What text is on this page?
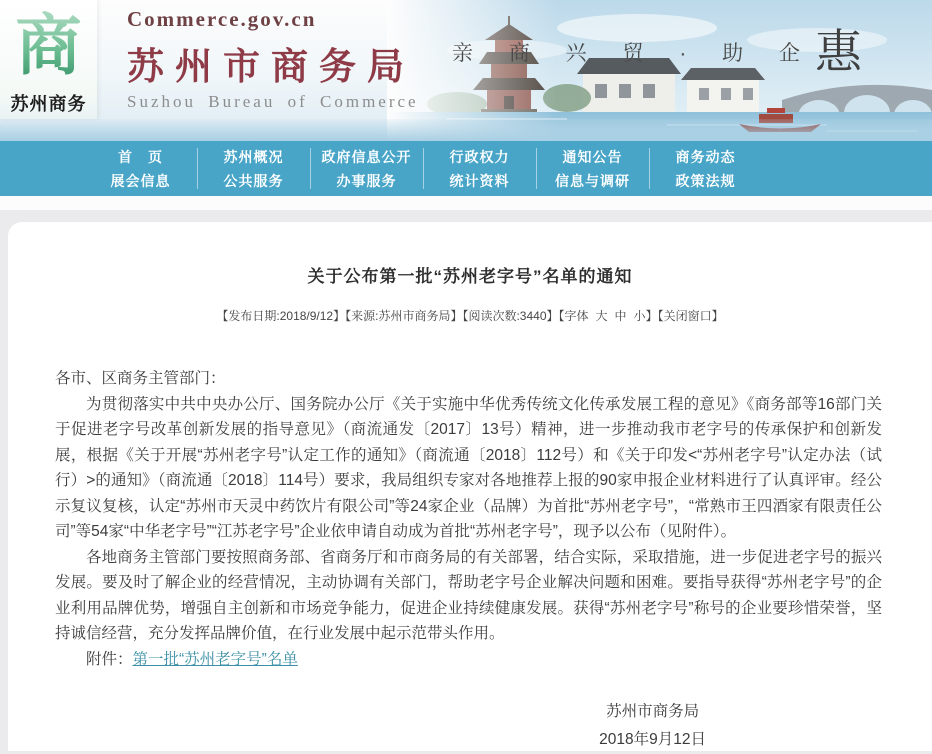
亲 商 兴 贸 · 助 企 惠
商
苏州商务
Commerce.gov.cn
苏州市商务局
Suzhou Bureau of Commerce
首　页
展会信息
苏州概况
公共服务
政府信息公开
办事服务
行政权力
统计资料
通知公告
信息与调研
商务动态
政策法规
关于公布第一批“苏州老字号”名单的通知
【发布日期:2018/9/12】【来源:苏州市商务局】【阅读次数:3440】【字体 大 中 小】【关闭窗口】

各市、区商务主管部门：

为贯彻落实中共中央办公厅、国务院办公厅《关于实施中华优秀传统文化传承发展工程的意见》《商务部等16部门关于促进老字号改革创新发展的指导意见》（商流通发〔2017〕13号）精神，进一步推动我市老字号的传承保护和创新发展，根据《关于开展“苏州老字号”认定工作的通知》（商流通〔2018〕112号）和《关于印发<“苏州老字号”认定办法（试行）>的通知》（商流通〔2018〕114号）要求，我局组织专家对各地推荐上报的90家申报企业材料进行了认真评审。经公示复议复核，认定“苏州市天灵中药饮片有限公司”等24家企业（品牌）为首批“苏州老字号”，“常熟市王四酒家有限责任公司”等54家“中华老字号”“江苏老字号”企业依申请自动成为首批“苏州老字号”，现予以公布（见附件）。

各地商务主管部门要按照商务部、省商务厅和市商务局的有关部署，结合实际，采取措施，进一步促进老字号的振兴发展。要及时了解企业的经营情况，主动协调有关部门，帮助老字号企业解决问题和困难。要指导获得“苏州老字号”的企业利用品牌优势，增强自主创新和市场竞争能力，促进企业持续健康发展。获得“苏州老字号”称号的企业要珍惜荣誉，坚持诚信经营，充分发挥品牌价值，在行业发展中起示范带头作用。

附件：第一批“苏州老字号”名单

苏州市商务局
2018年9月12日
